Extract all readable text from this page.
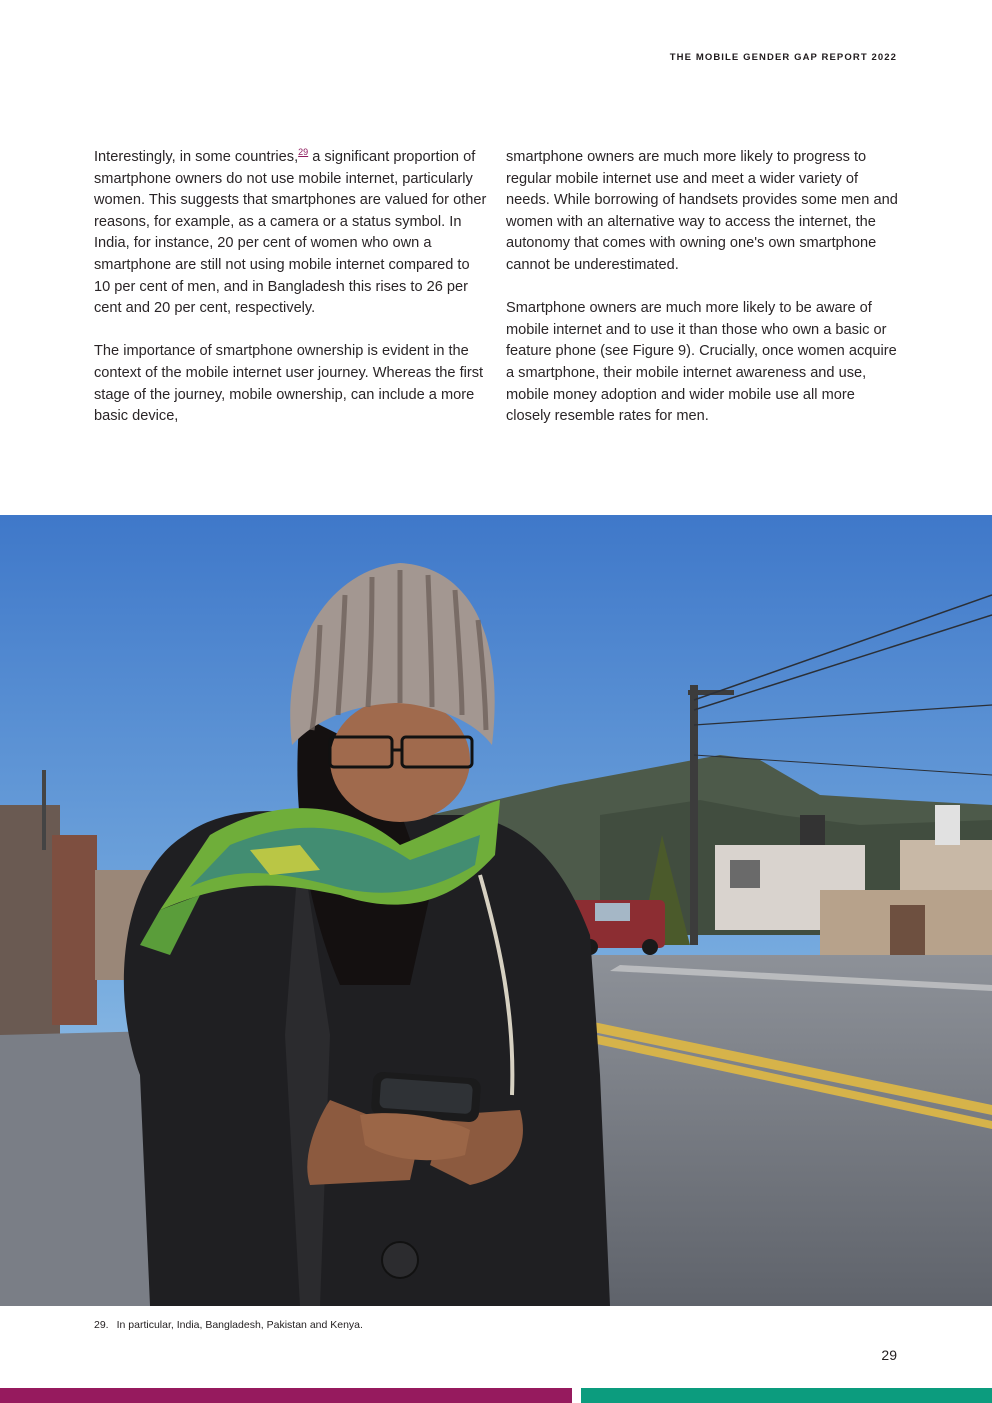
THE MOBILE GENDER GAP REPORT 2022

Interestingly, in some countries,$^{29}$ a significant proportion of smartphone owners do not use mobile internet, particularly women. This suggests that smartphones are valued for other reasons, for example, as a camera or a status symbol. In India, for instance, 20 per cent of women who own a smartphone are still not using mobile internet compared to 10 per cent of men, and in Bangladesh this rises to 26 per cent and 20 per cent, respectively.

The importance of smartphone ownership is evident in the context of the mobile internet user journey. Whereas the first stage of the journey, mobile ownership, can include a more basic device,

smartphone owners are much more likely to progress to regular mobile internet use and meet a wider variety of needs. While borrowing of handsets provides some men and women with an alternative way to access the internet, the autonomy that comes with owning one's own smartphone cannot be underestimated.

Smartphone owners are much more likely to be aware of mobile internet and to use it than those who own a basic or feature phone (see Figure 9). Crucially, once women acquire a smartphone, their mobile internet awareness and use, mobile money adoption and wider mobile use all more closely resemble rates for men.

29. In particular, India, Bangladesh, Pakistan and Kenya.
29
